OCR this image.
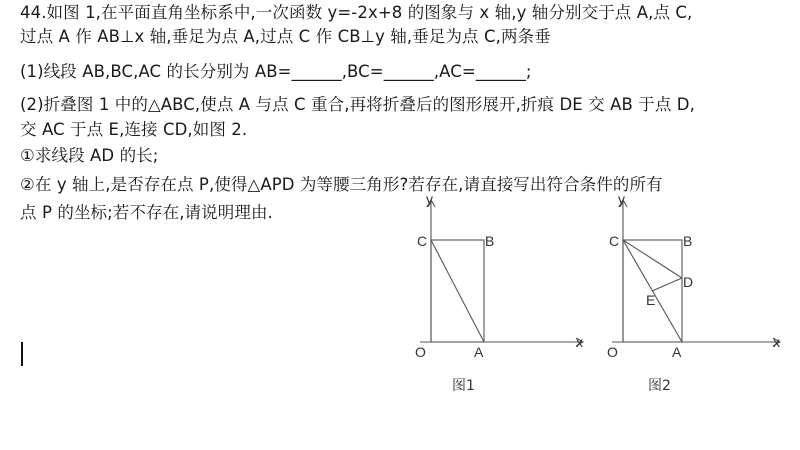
44.如图 1,在平面直角坐标系中,一次函数 y=-2x+8 的图象与 x 轴,y 轴分别交于点 A,点 C,
过点 A 作 AB⊥x 轴,垂足为点 A,过点 C 作 CB⊥y 轴,垂足为点 C,两条垂
(1)线段 AB,BC,AC 的长分别为 AB=______,BC=______,AC=______;
(2)折叠图 1 中的△ABC,使点 A 与点 C 重合,再将折叠后的图形展开,折痕 DE 交 AB 于点 D,
交 AC 于点 E,连接 CD,如图 2.
①求线段 AD 的长;
②在 y 轴上,是否存在点 P,使得△APD 为等腰三角形?若存在,请直接写出符合条件的所有
点 P 的坐标;若不存在,请说明理由.
y
x
C	B
O	A
图1
y
x
C	B
D
E
O	A
图2
